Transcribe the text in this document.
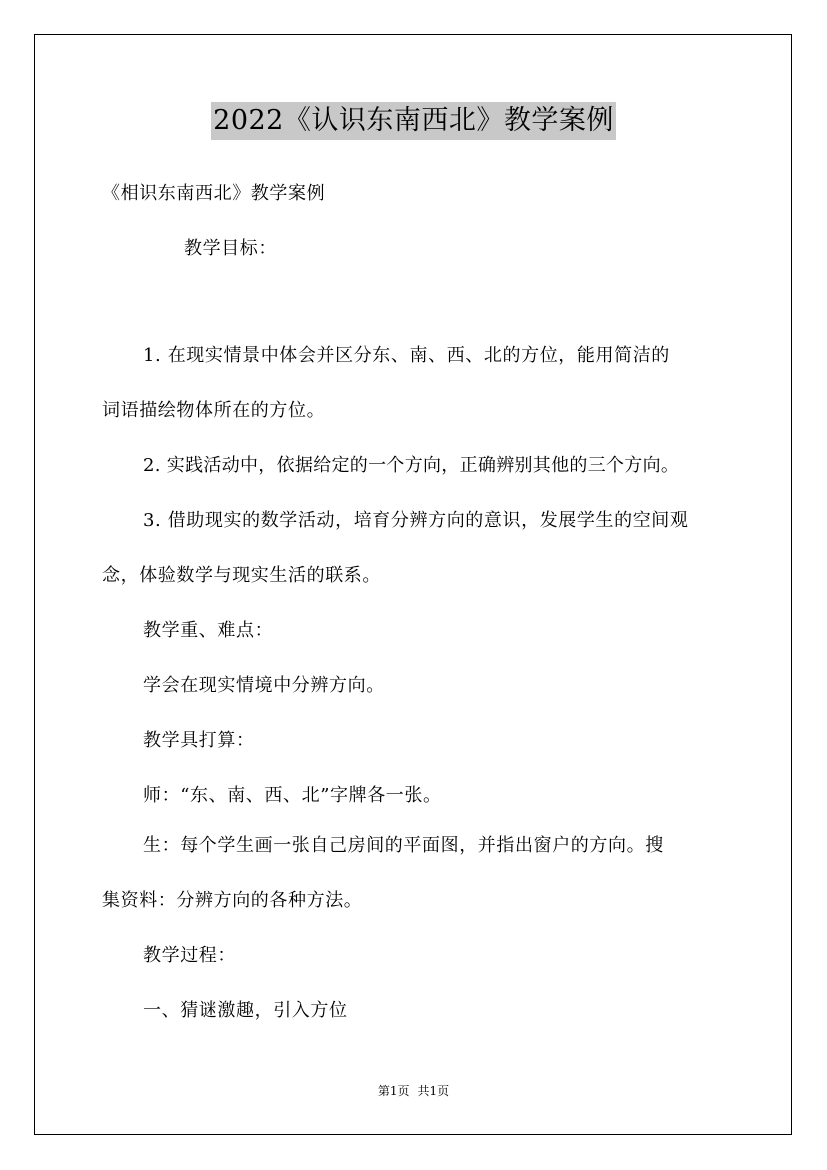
2022《认识东南西北》教学案例
《相识东南西北》教学案例
教学目标：
1. 在现实情景中体会并区分东、南、西、北的方位，能用简洁的
词语描绘物体所在的方位。
2. 实践活动中，依据给定的一个方向，正确辨别其他的三个方向。
3. 借助现实的数学活动，培育分辨方向的意识，发展学生的空间观
念，体验数学与现实生活的联系。
教学重、难点：
学会在现实情境中分辨方向。
教学具打算：
师：“东、南、西、北”字牌各一张。
生：每个学生画一张自己房间的平面图，并指出窗户的方向。搜
集资料：分辨方向的各种方法。
教学过程：
一、猜谜激趣，引入方位
第1页 共1页
